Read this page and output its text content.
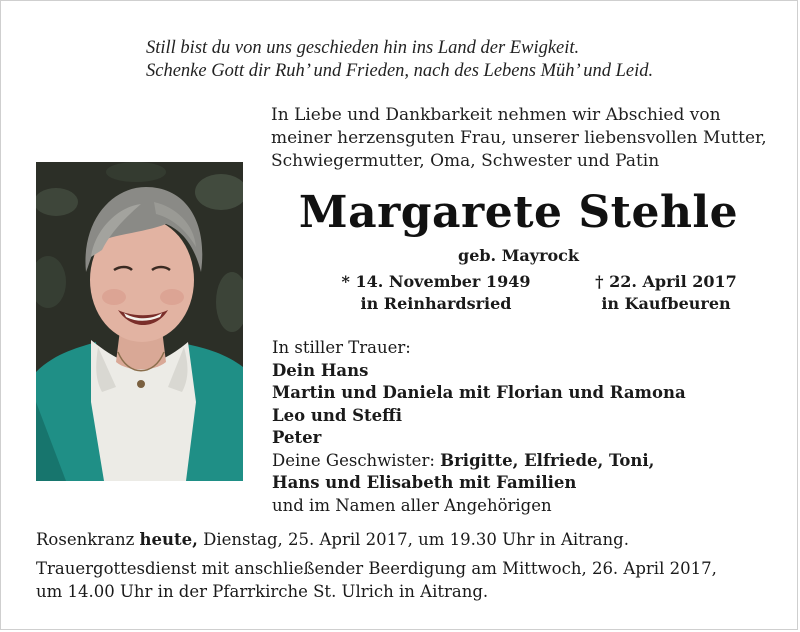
Still bist du von uns geschieden hin ins Land der Ewigkeit.
Schenke Gott dir Ruh’ und Frieden, nach des Lebens Müh’ und Leid.
In Liebe und Dankbarkeit nehmen wir Abschied von
meiner herzensguten Frau, unserer liebensvollen Mutter,
Schwiegermutter, Oma, Schwester und Patin
Margarete Stehle
geb. Mayrock
* 14. November 1949
in Reinhardsried
† 22. April 2017
in Kaufbeuren
In stiller Trauer:
Dein Hans
Martin und Daniela mit Florian und Ramona
Leo und Steffi
Peter
Deine Geschwister: Brigitte, Elfriede, Toni,
Hans und Elisabeth mit Familien
und im Namen aller Angehörigen
Rosenkranz heute, Dienstag, 25. April 2017, um 19.30 Uhr in Aitrang.
Trauergottesdienst mit anschließender Beerdigung am Mittwoch, 26. April 2017,
um 14.00 Uhr in der Pfarrkirche St. Ulrich in Aitrang.
